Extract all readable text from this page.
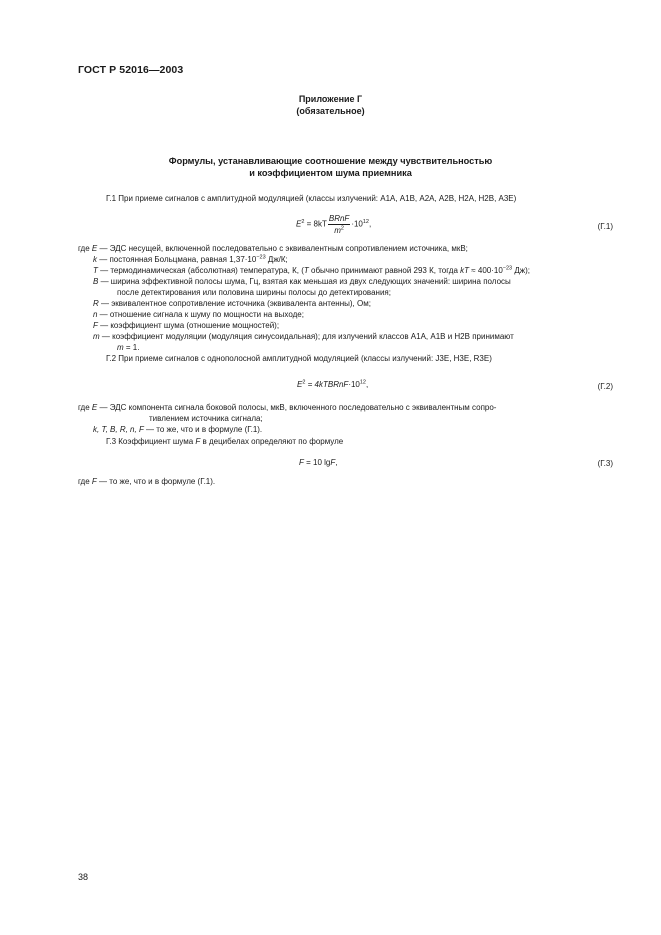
ГОСТ Р 52016—2003
Приложение Г
(обязательное)
Формулы, устанавливающие соотношение между чувствительностью
и коэффициентом шума приемника
Г.1 При приеме сигналов с амплитудной модуляцией (классы излучений: А1А, А1В, А2А, А2В, Н2А, Н2В, А3Е)
$E^2 = 8kT \frac{\text{BRnF}}{m^2} \cdot 10^{12}$,	(Г.1)
где E — ЭДС несущей, включенной последовательно с эквивалентным сопротивлением источника, мкВ;
k — постоянная Больцмана, равная $1,37\cdot 10^{-23}$ Дж/К;
T — термодинамическая (абсолютная) температура, К, (T обычно принимают равной 293 К, тогда kT ≈ $400\cdot 10^{-23}$ Дж);
B — ширина эффективной полосы шума, Гц, взятая как меньшая из двух следующих значений: ширина полосы
после детектирования или половина ширины полосы до детектирования;
R — эквивалентное сопротивление источника (эквивалента антенны), Ом;
n — отношение сигнала к шуму по мощности на выходе;
F — коэффициент шума (отношение мощностей);
m — коэффициент модуляции (модуляция синусоидальная); для излучений классов А1А, А1В и Н2В принимают
m = 1.
Г.2 При приеме сигналов с однополосной амплитудной модуляцией (классы излучений: J3E, H3E, R3E)
$E^2$ = $4kTBRnF\cdot 10^{12}$,	(Г.2)
где E — ЭДС компонента сигнала боковой полосы, мкВ, включенного последовательно с эквивалентным сопро-
тивлением источника сигнала;
k, T, B, R, n, F — то же, что и в формуле (Г.1).
Г.3 Коэффициент шума F в децибелах определяют по формуле
F = 10 lgF,	(Г.3)
где F — то же, что и в формуле (Г.1).
38
